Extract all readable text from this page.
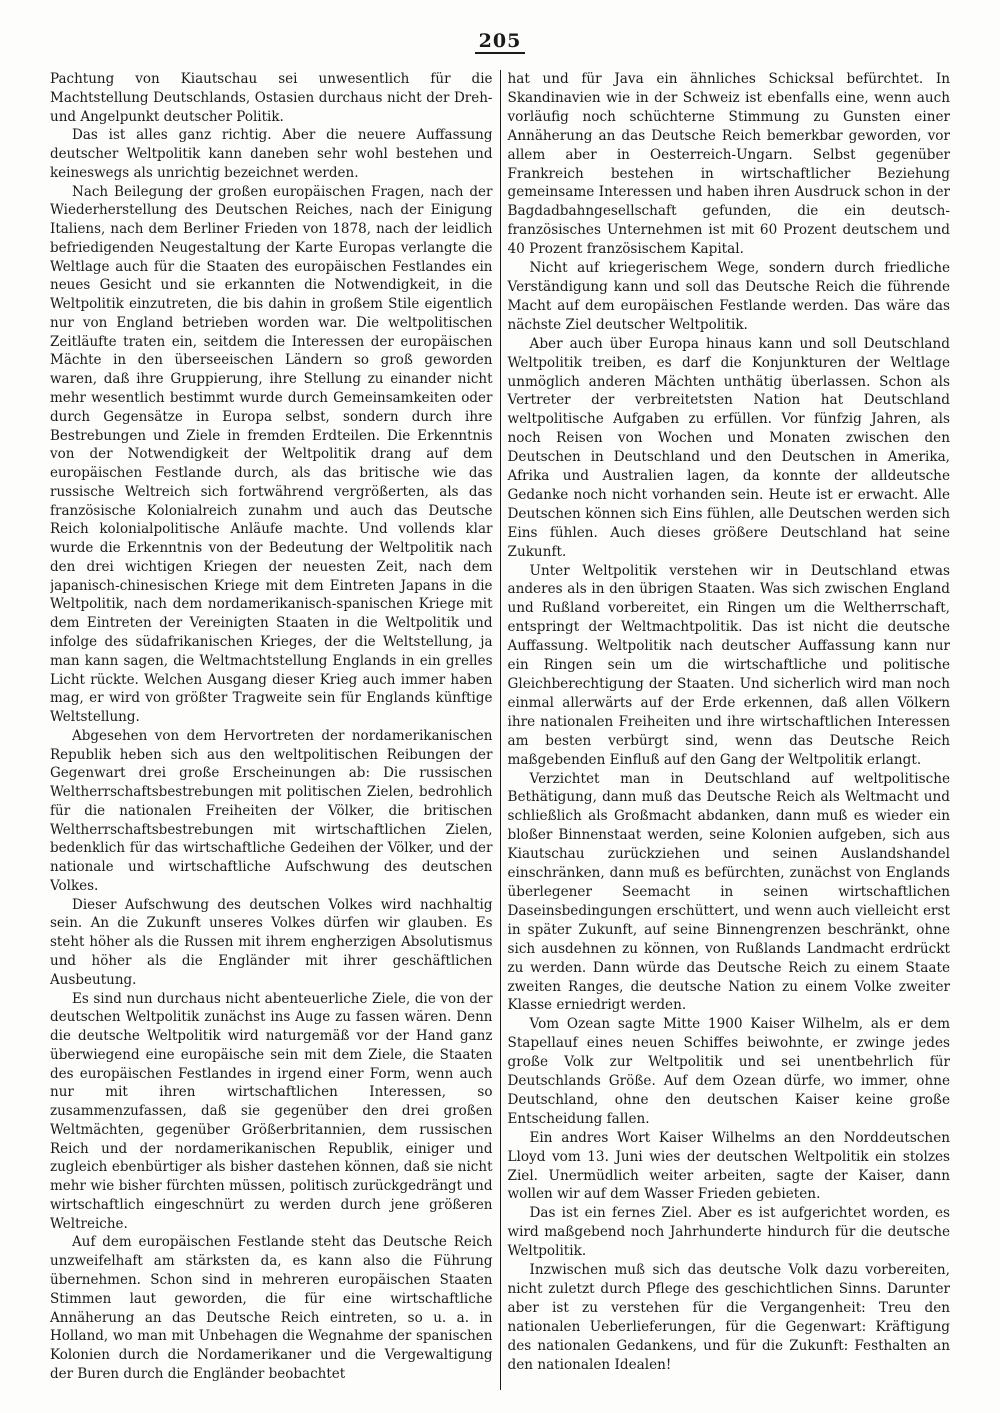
205

Pachtung von Kiautschau sei unwesentlich für die Machtstellung Deutschlands, Ostasien durchaus nicht der Dreh- und Angelpunkt deutscher Politik.

Das ist alles ganz richtig. Aber die neuere Auffassung deutscher Weltpolitik kann daneben sehr wohl bestehen und keineswegs als unrichtig bezeichnet werden.

Nach Beilegung der großen europäischen Fragen, nach der Wiederherstellung des Deutschen Reiches, nach der Einigung Italiens, nach dem Berliner Frieden von 1878, nach der leidlich befriedigenden Neugestaltung der Karte Europas verlangte die Weltlage auch für die Staaten des europäischen Festlandes ein neues Gesicht und sie erkannten die Notwendigkeit, in die Weltpolitik einzutreten, die bis dahin in großem Stile eigentlich nur von England betrieben worden war. Die weltpolitischen Zeitläufte traten ein, seitdem die Interessen der europäischen Mächte in den überseeischen Ländern so groß geworden waren, daß ihre Gruppierung, ihre Stellung zu einander nicht mehr wesentlich bestimmt wurde durch Gemeinsamkeiten oder durch Gegensätze in Europa selbst, sondern durch ihre Bestrebungen und Ziele in fremden Erdteilen. Die Erkenntnis von der Notwendigkeit der Weltpolitik drang auf dem europäischen Festlande durch, als das britische wie das russische Weltreich sich fortwährend vergrößerten, als das französische Kolonialreich zunahm und auch das Deutsche Reich kolonialpolitische Anläufe machte. Und vollends klar wurde die Erkenntnis von der Bedeutung der Weltpolitik nach den drei wichtigen Kriegen der neuesten Zeit, nach dem japanisch-chinesischen Kriege mit dem Eintreten Japans in die Weltpolitik, nach dem nordamerikanisch-spanischen Kriege mit dem Eintreten der Vereinigten Staaten in die Weltpolitik und infolge des südafrikanischen Krieges, der die Weltstellung, ja man kann sagen, die Weltmachtstellung Englands in ein grelles Licht rückte. Welchen Ausgang dieser Krieg auch immer haben mag, er wird von größter Tragweite sein für Englands künftige Weltstellung.

Abgesehen von dem Hervortreten der nordamerikanischen Republik heben sich aus den weltpolitischen Reibungen der Gegenwart drei große Erscheinungen ab: Die russischen Weltherrschaftsbestrebungen mit politischen Zielen, bedrohlich für die nationalen Freiheiten der Völker, die britischen Weltherrschaftsbestrebungen mit wirtschaftlichen Zielen, bedenklich für das wirtschaftliche Gedeihen der Völker, und der nationale und wirtschaftliche Aufschwung des deutschen Volkes.

Dieser Aufschwung des deutschen Volkes wird nachhaltig sein. An die Zukunft unseres Volkes dürfen wir glauben. Es steht höher als die Russen mit ihrem engherzigen Absolutismus und höher als die Engländer mit ihrer geschäftlichen Ausbeutung.

Es sind nun durchaus nicht abenteuerliche Ziele, die von der deutschen Weltpolitik zunächst ins Auge zu fassen wären. Denn die deutsche Weltpolitik wird naturgemäß vor der Hand ganz überwiegend eine europäische sein mit dem Ziele, die Staaten des europäischen Festlandes in irgend einer Form, wenn auch nur mit ihren wirtschaftlichen Interessen, so zusammenzufassen, daß sie gegenüber den drei großen Weltmächten, gegenüber Größerbritannien, dem russischen Reich und der nordamerikanischen Republik, einiger und zugleich ebenbürtiger als bisher dastehen können, daß sie nicht mehr wie bisher fürchten müssen, politisch zurückgedrängt und wirtschaftlich eingeschnürt zu werden durch jene größeren Weltreiche.

Auf dem europäischen Festlande steht das Deutsche Reich unzweifelhaft am stärksten da, es kann also die Führung übernehmen. Schon sind in mehreren europäischen Staaten Stimmen laut geworden, die für eine wirtschaftliche Annäherung an das Deutsche Reich eintreten, so u. a. in Holland, wo man mit Unbehagen die Wegnahme der spanischen Kolonien durch die Nordamerikaner und die Vergewaltigung der Buren durch die Engländer beobachtet

hat und für Java ein ähnliches Schicksal befürchtet. In Skandinavien wie in der Schweiz ist ebenfalls eine, wenn auch vorläufig noch schüchterne Stimmung zu Gunsten einer Annäherung an das Deutsche Reich bemerkbar geworden, vor allem aber in Oesterreich-Ungarn. Selbst gegenüber Frankreich bestehen in wirtschaftlicher Beziehung gemeinsame Interessen und haben ihren Ausdruck schon in der Bagdadbahngesellschaft gefunden, die ein deutsch-französisches Unternehmen ist mit 60 Prozent deutschem und 40 Prozent französischem Kapital.

Nicht auf kriegerischem Wege, sondern durch friedliche Verständigung kann und soll das Deutsche Reich die führende Macht auf dem europäischen Festlande werden. Das wäre das nächste Ziel deutscher Weltpolitik.

Aber auch über Europa hinaus kann und soll Deutschland Weltpolitik treiben, es darf die Konjunkturen der Weltlage unmöglich anderen Mächten unthätig überlassen. Schon als Vertreter der verbreitetsten Nation hat Deutschland weltpolitische Aufgaben zu erfüllen. Vor fünfzig Jahren, als noch Reisen von Wochen und Monaten zwischen den Deutschen in Deutschland und den Deutschen in Amerika, Afrika und Australien lagen, da konnte der alldeutsche Gedanke noch nicht vorhanden sein. Heute ist er erwacht. Alle Deutschen können sich Eins fühlen, alle Deutschen werden sich Eins fühlen. Auch dieses größere Deutschland hat seine Zukunft.

Unter Weltpolitik verstehen wir in Deutschland etwas anderes als in den übrigen Staaten. Was sich zwischen England und Rußland vorbereitet, ein Ringen um die Weltherrschaft, entspringt der Weltmachtpolitik. Das ist nicht die deutsche Auffassung. Weltpolitik nach deutscher Auffassung kann nur ein Ringen sein um die wirtschaftliche und politische Gleichberechtigung der Staaten. Und sicherlich wird man noch einmal allerwärts auf der Erde erkennen, daß allen Völkern ihre nationalen Freiheiten und ihre wirtschaftlichen Interessen am besten verbürgt sind, wenn das Deutsche Reich maßgebenden Einfluß auf den Gang der Weltpolitik erlangt.

Verzichtet man in Deutschland auf weltpolitische Bethätigung, dann muß das Deutsche Reich als Weltmacht und schließlich als Großmacht abdanken, dann muß es wieder ein bloßer Binnenstaat werden, seine Kolonien aufgeben, sich aus Kiautschau zurückziehen und seinen Auslandshandel einschränken, dann muß es befürchten, zunächst von Englands überlegener Seemacht in seinen wirtschaftlichen Daseinsbedingungen erschüttert, und wenn auch vielleicht erst in später Zukunft, auf seine Binnengrenzen beschränkt, ohne sich ausdehnen zu können, von Rußlands Landmacht erdrückt zu werden. Dann würde das Deutsche Reich zu einem Staate zweiten Ranges, die deutsche Nation zu einem Volke zweiter Klasse erniedrigt werden.

Vom Ozean sagte Mitte 1900 Kaiser Wilhelm, als er dem Stapellauf eines neuen Schiffes beiwohnte, er zwinge jedes große Volk zur Weltpolitik und sei unentbehrlich für Deutschlands Größe. Auf dem Ozean dürfe, wo immer, ohne Deutschland, ohne den deutschen Kaiser keine große Entscheidung fallen.

Ein andres Wort Kaiser Wilhelms an den Norddeutschen Lloyd vom 13. Juni wies der deutschen Weltpolitik ein stolzes Ziel. Unermüdlich weiter arbeiten, sagte der Kaiser, dann wollen wir auf dem Wasser Frieden gebieten.

Das ist ein fernes Ziel. Aber es ist aufgerichtet worden, es wird maßgebend noch Jahrhunderte hindurch für die deutsche Weltpolitik.

Inzwischen muß sich das deutsche Volk dazu vorbereiten, nicht zuletzt durch Pflege des geschichtlichen Sinns. Darunter aber ist zu verstehen für die Vergangenheit: Treu den nationalen Ueberlieferungen, für die Gegenwart: Kräftigung des nationalen Gedankens, und für die Zukunft: Festhalten an den nationalen Idealen!
